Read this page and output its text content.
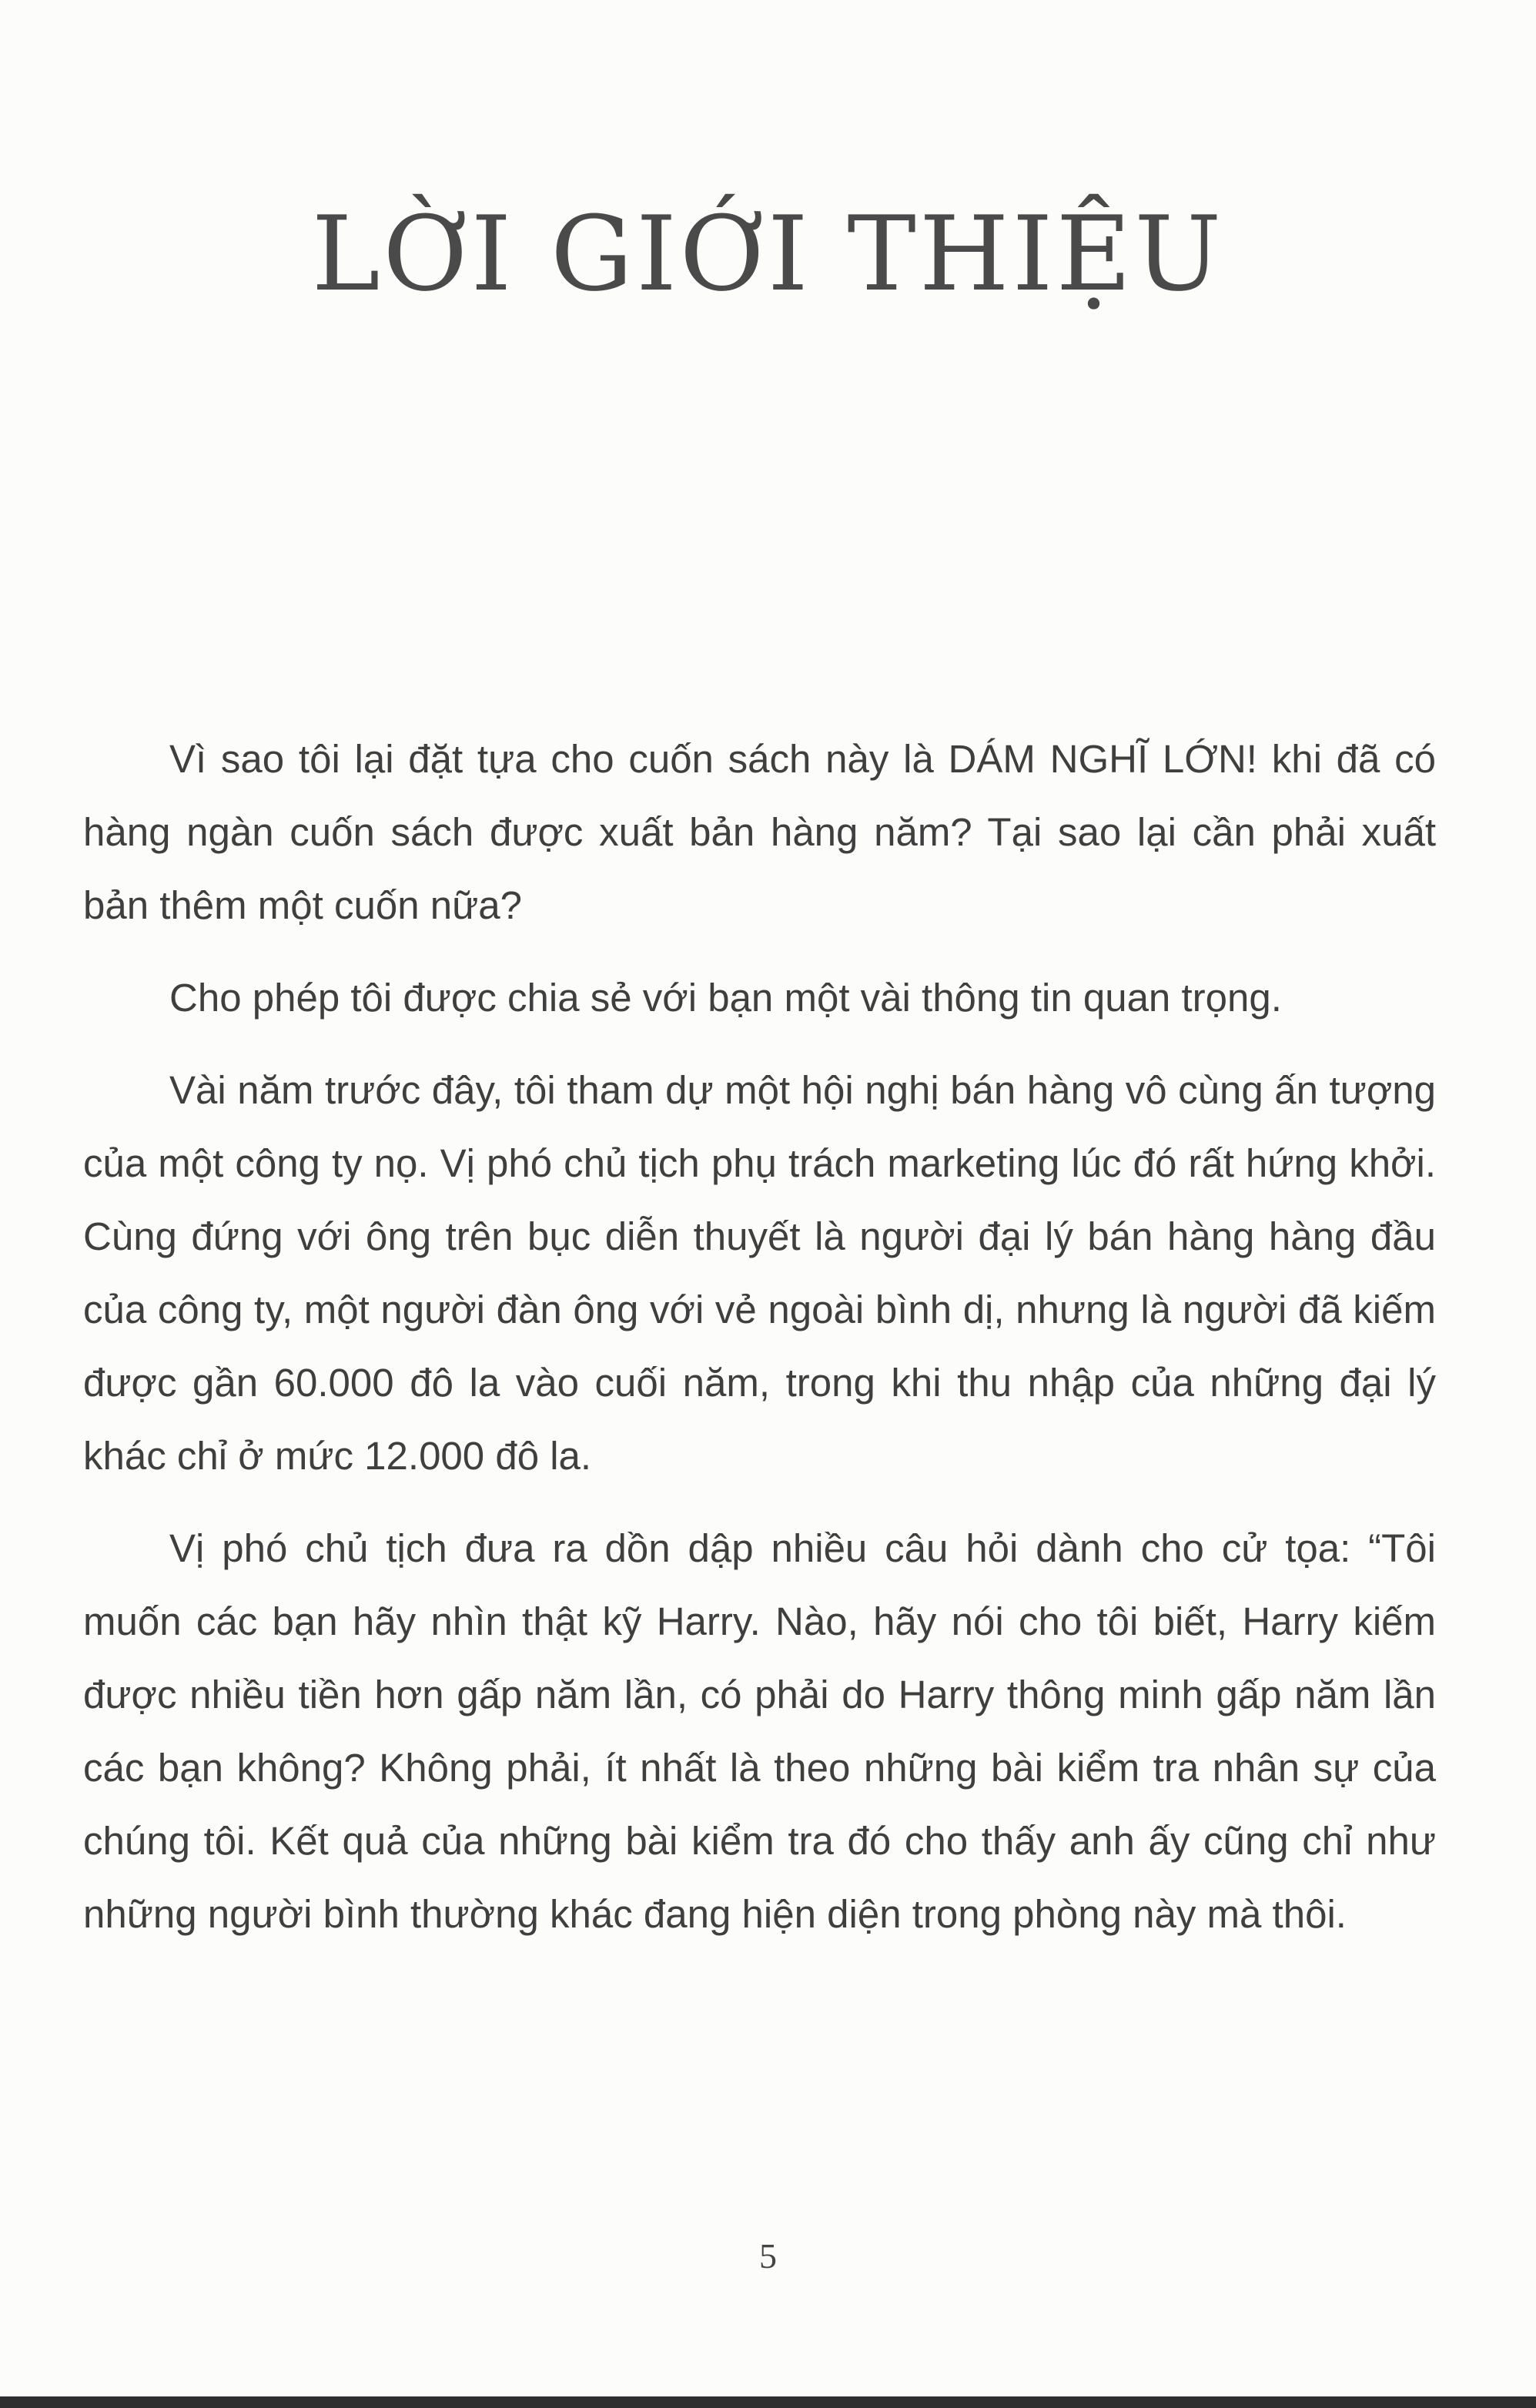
LỜI GIỚI THIỆU

Vì sao tôi lại đặt tựa cho cuốn sách này là DÁM NGHĨ LỚN! khi đã có hàng ngàn cuốn sách được xuất bản hàng năm? Tại sao lại cần phải xuất bản thêm một cuốn nữa?

Cho phép tôi được chia sẻ với bạn một vài thông tin quan trọng.

Vài năm trước đây, tôi tham dự một hội nghị bán hàng vô cùng ấn tượng của một công ty nọ. Vị phó chủ tịch phụ trách marketing lúc đó rất hứng khởi. Cùng đứng với ông trên bục diễn thuyết là người đại lý bán hàng hàng đầu của công ty, một người đàn ông với vẻ ngoài bình dị, nhưng là người đã kiếm được gần 60.000 đô la vào cuối năm, trong khi thu nhập của những đại lý khác chỉ ở mức 12.000 đô la.

Vị phó chủ tịch đưa ra dồn dập nhiều câu hỏi dành cho cử tọa: “Tôi muốn các bạn hãy nhìn thật kỹ Harry. Nào, hãy nói cho tôi biết, Harry kiếm được nhiều tiền hơn gấp năm lần, có phải do Harry thông minh gấp năm lần các bạn không? Không phải, ít nhất là theo những bài kiểm tra nhân sự của chúng tôi. Kết quả của những bài kiểm tra đó cho thấy anh ấy cũng chỉ như những người bình thường khác đang hiện diện trong phòng này mà thôi.

5
